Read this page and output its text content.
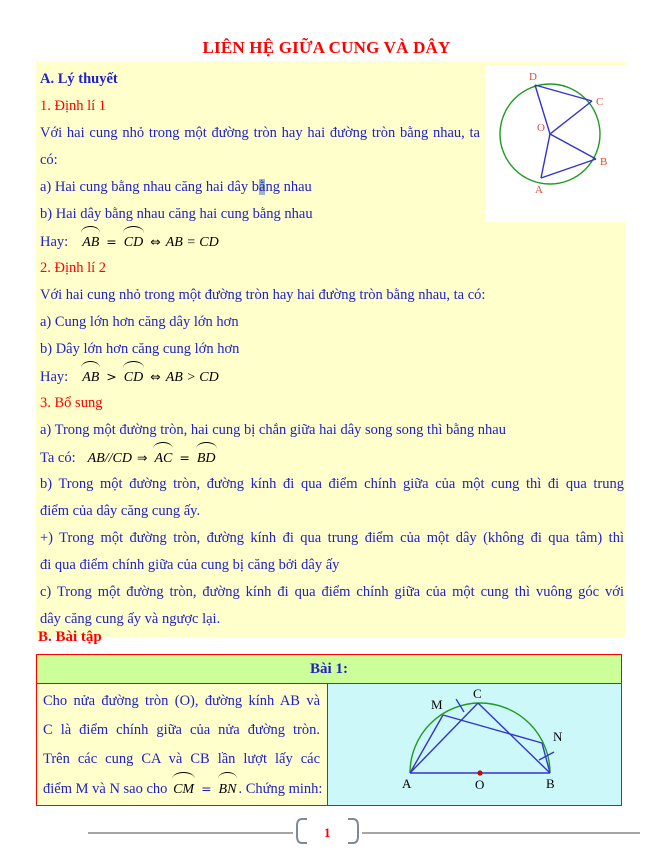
LIÊN HỆ GIỮA CUNG VÀ DÂY
D
C
O
B
A
A. Lý thuyết
1. Định lí 1
Với hai cung nhỏ trong một đường tròn hay hai đường tròn bằng nhau, ta
có:
a) Hai cung bằng nhau căng hai dây bằng nhau
b) Hai dây bằng nhau căng hai cung bằng nhau
Hay: AB = CD ⇔ AB = CD
2. Định lí 2
Với hai cung nhỏ trong một đường tròn hay hai đường tròn bằng nhau, ta có:
a) Cung lớn hơn căng dây lớn hơn
b) Dây lớn hơn căng cung lớn hơn
Hay: AB > CD ⇔ AB > CD
3. Bổ sung
a) Trong một đường tròn, hai cung bị chắn giữa hai dây song song thì bằng nhau
Ta có: AB//CD ⇒ AC = BD
b) Trong một đường tròn, đường kính đi qua điểm chính giữa của một cung thì đi qua trung
điểm của dây căng cung ấy.
+) Trong một đường tròn, đường kính đi qua trung điểm của một dây (không đi qua tâm) thì
đi qua điểm chính giữa của cung bị căng bởi dây ấy
c) Trong một đường tròn, đường kính đi qua điểm chính giữa của một cung thì vuông góc với
dây căng cung ấy và ngược lại.
B. Bài tập
Bài 1:
Cho nửa đường tròn (O), đường kính AB và
C là điểm chính giữa của nửa đường tròn.
Trên các cung CA và CB lần lượt lấy các
điểm M và N sao cho CM = BN . Chứng minh:	A	O	B
C
M
N
1
